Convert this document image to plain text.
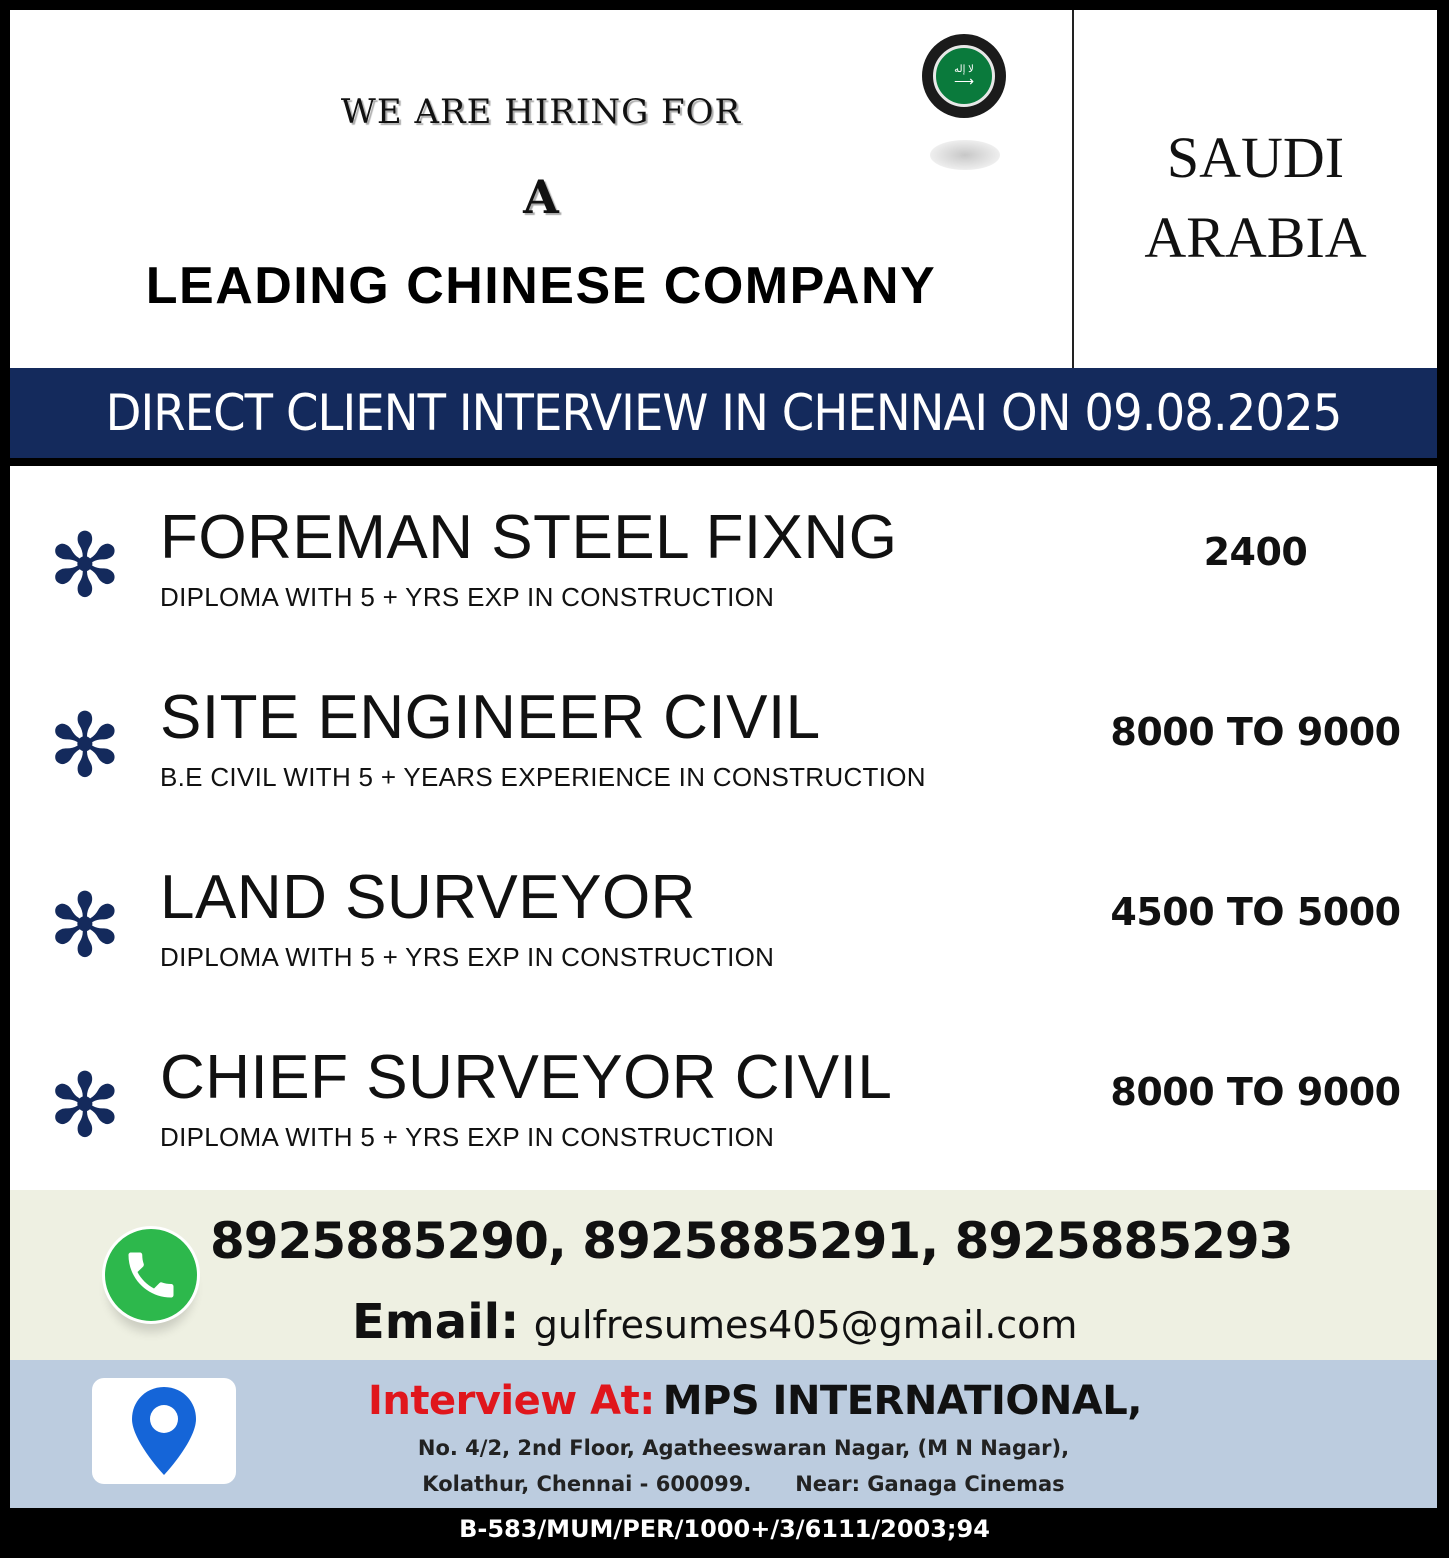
WE ARE HIRING FOR
A
LEADING CHINESE COMPANY
ﻻ ﺇﻟﻪ
⟶
SAUDI
ARABIA
DIRECT CLIENT INTERVIEW IN CHENNAI ON 09.08.2025
✻ FOREMAN STEEL FIXNG
DIPLOMA WITH 5 + YRS EXP IN CONSTRUCTION
2400
✻ SITE ENGINEER CIVIL
B.E CIVIL WITH 5 + YEARS EXPERIENCE IN CONSTRUCTION
8000 TO 9000
✻ LAND SURVEYOR
DIPLOMA WITH 5 + YRS EXP IN CONSTRUCTION
4500 TO 5000
✻ CHIEF SURVEYOR CIVIL
DIPLOMA WITH 5 + YRS EXP IN CONSTRUCTION
8000 TO 9000
8925885290, 8925885291, 8925885293
Email: gulfresumes405@gmail.com
Interview At: MPS INTERNATIONAL,
No. 4/2, 2nd Floor, Agatheeswaran Nagar, (M N Nagar),
Kolathur, Chennai - 600099.      Near: Ganaga Cinemas
B-583/MUM/PER/1000+/3/6111/2003;94
